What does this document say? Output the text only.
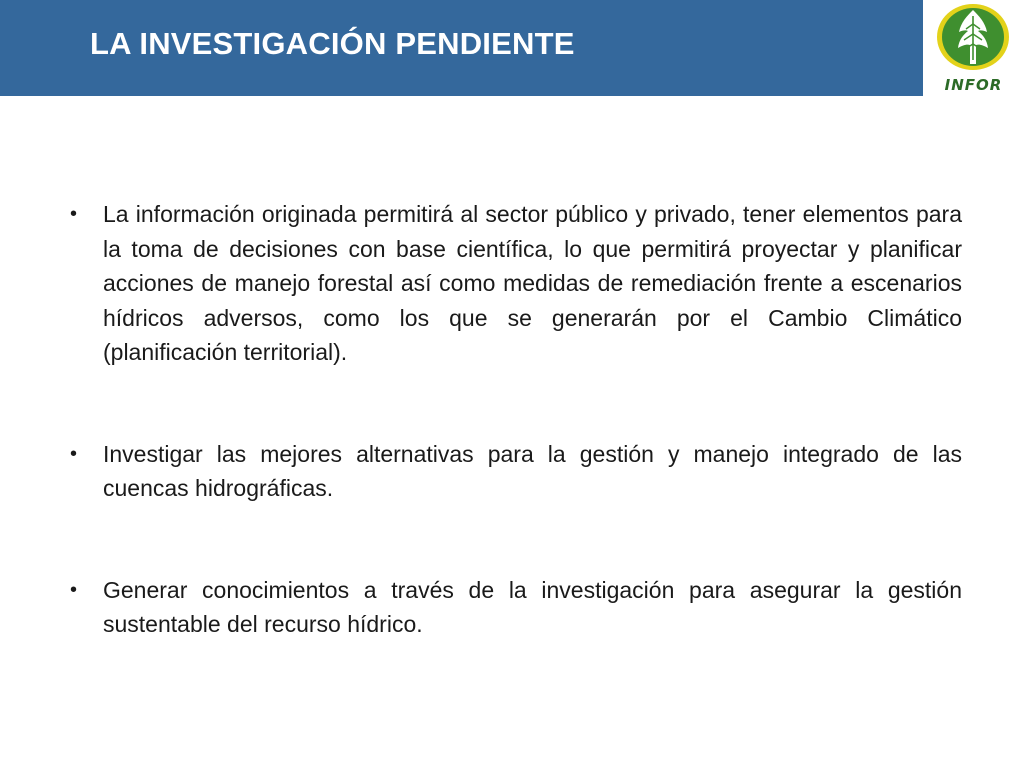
LA INVESTIGACIÓN PENDIENTE
INFOR

• La información originada permitirá al sector público y privado, tener elementos para la toma de decisiones con base científica, lo que permitirá proyectar y planificar acciones de manejo forestal así como medidas de remediación frente a escenarios hídricos adversos, como los que se generarán por el Cambio Climático (planificación territorial).

• Investigar las mejores alternativas para la gestión y manejo integrado de las cuencas hidrográficas.

• Generar conocimientos a través de la investigación para asegurar la gestión sustentable del recurso hídrico.
